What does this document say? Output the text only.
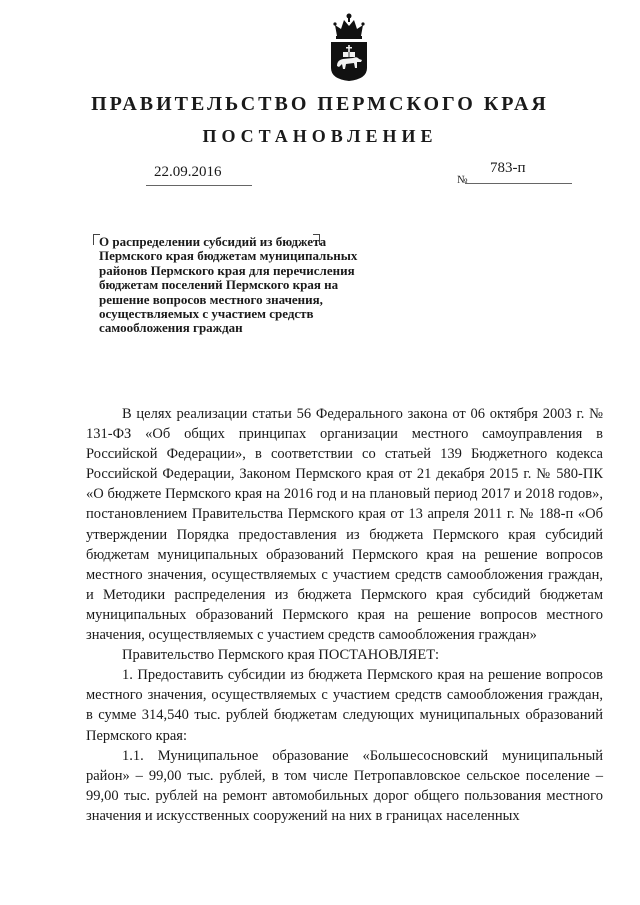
ПРАВИТЕЛЬСТВО ПЕРМСКОГО КРАЯ
ПОСТАНОВЛЕНИЕ
22.09.2016	№
783-п
О распределении субсидий из бюджета Пермского края бюджетам муниципальных районов Пермского края для перечисления бюджетам поселений Пермского края на решение вопросов местного значения, осуществляемых с участием средств самообложения граждан

В целях реализации статьи 56 Федерального закона от 06 октября 2003 г. № 131-ФЗ «Об общих принципах организации местного самоуправления в Российской Федерации», в соответствии со статьей 139 Бюджетного кодекса Российской Федерации, Законом Пермского края от 21 декабря 2015 г. № 580-ПК «О бюджете Пермского края на 2016 год и на плановый период 2017 и 2018 годов», постановлением Правительства Пермского края от 13 апреля 2011 г. № 188-п «Об утверждении Порядка предоставления из бюджета Пермского края субсидий бюджетам муниципальных образований Пермского края на решение вопросов местного значения, осуществляемых с участием средств самообложения граждан, и Методики распределения из бюджета Пермского края субсидий бюджетам муниципальных образований Пермского края на решение вопросов местного значения, осуществляемых с участием средств самообложения граждан»

Правительство Пермского края ПОСТАНОВЛЯЕТ:

1. Предоставить субсидии из бюджета Пермского края на решение вопросов местного значения, осуществляемых с участием средств самообложения граждан, в сумме 314,540 тыс. рублей бюджетам следующих муниципальных образований Пермского края:

1.1. Муниципальное образование «Большесосновский муниципальный район» – 99,00 тыс. рублей, в том числе Петропавловское сельское поселение – 99,00 тыс. рублей на ремонт автомобильных дорог общего пользования местного значения и искусственных сооружений на них в границах населенных
